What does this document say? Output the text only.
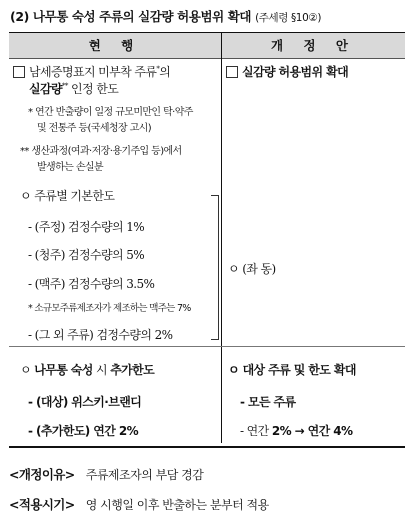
(2) 나무통 숙성 주류의 실감량 허용범위 확대 (주세령 §10②)
현 행	개 정 안
남세증명표지 미부착 주류*의
실감량** 인정 한도
* 연간 반출량이 일정 규모미만인 탁·약주
및 전통주 등(국세청장 고시)
** 생산과정(여과·저장·용기주입 등)에서
발생하는 손실분
ㅇ 주류별 기본한도
- (주정) 검정수량의 1%
- (청주) 검정수량의 5%
- (맥주) 검정수량의 3.5%
* 소규모주류제조자가 제조하는 맥주는 7%
- (그 외 주류) 검정수량의 2%
ㅇ 나무통 숙성 시 추가한도
- (대상) 위스키·브랜디
- (추가한도) 연간 2%
실감량 허용범위 확대
ㅇ (좌 동)
ㅇ 대상 주류 및 한도 확대
- 모든 주류
- 연간 2% → 연간 4%
<개정이유> 주류제조자의 부담 경감
<적용시기> 영 시행일 이후 반출하는 분부터 적용
